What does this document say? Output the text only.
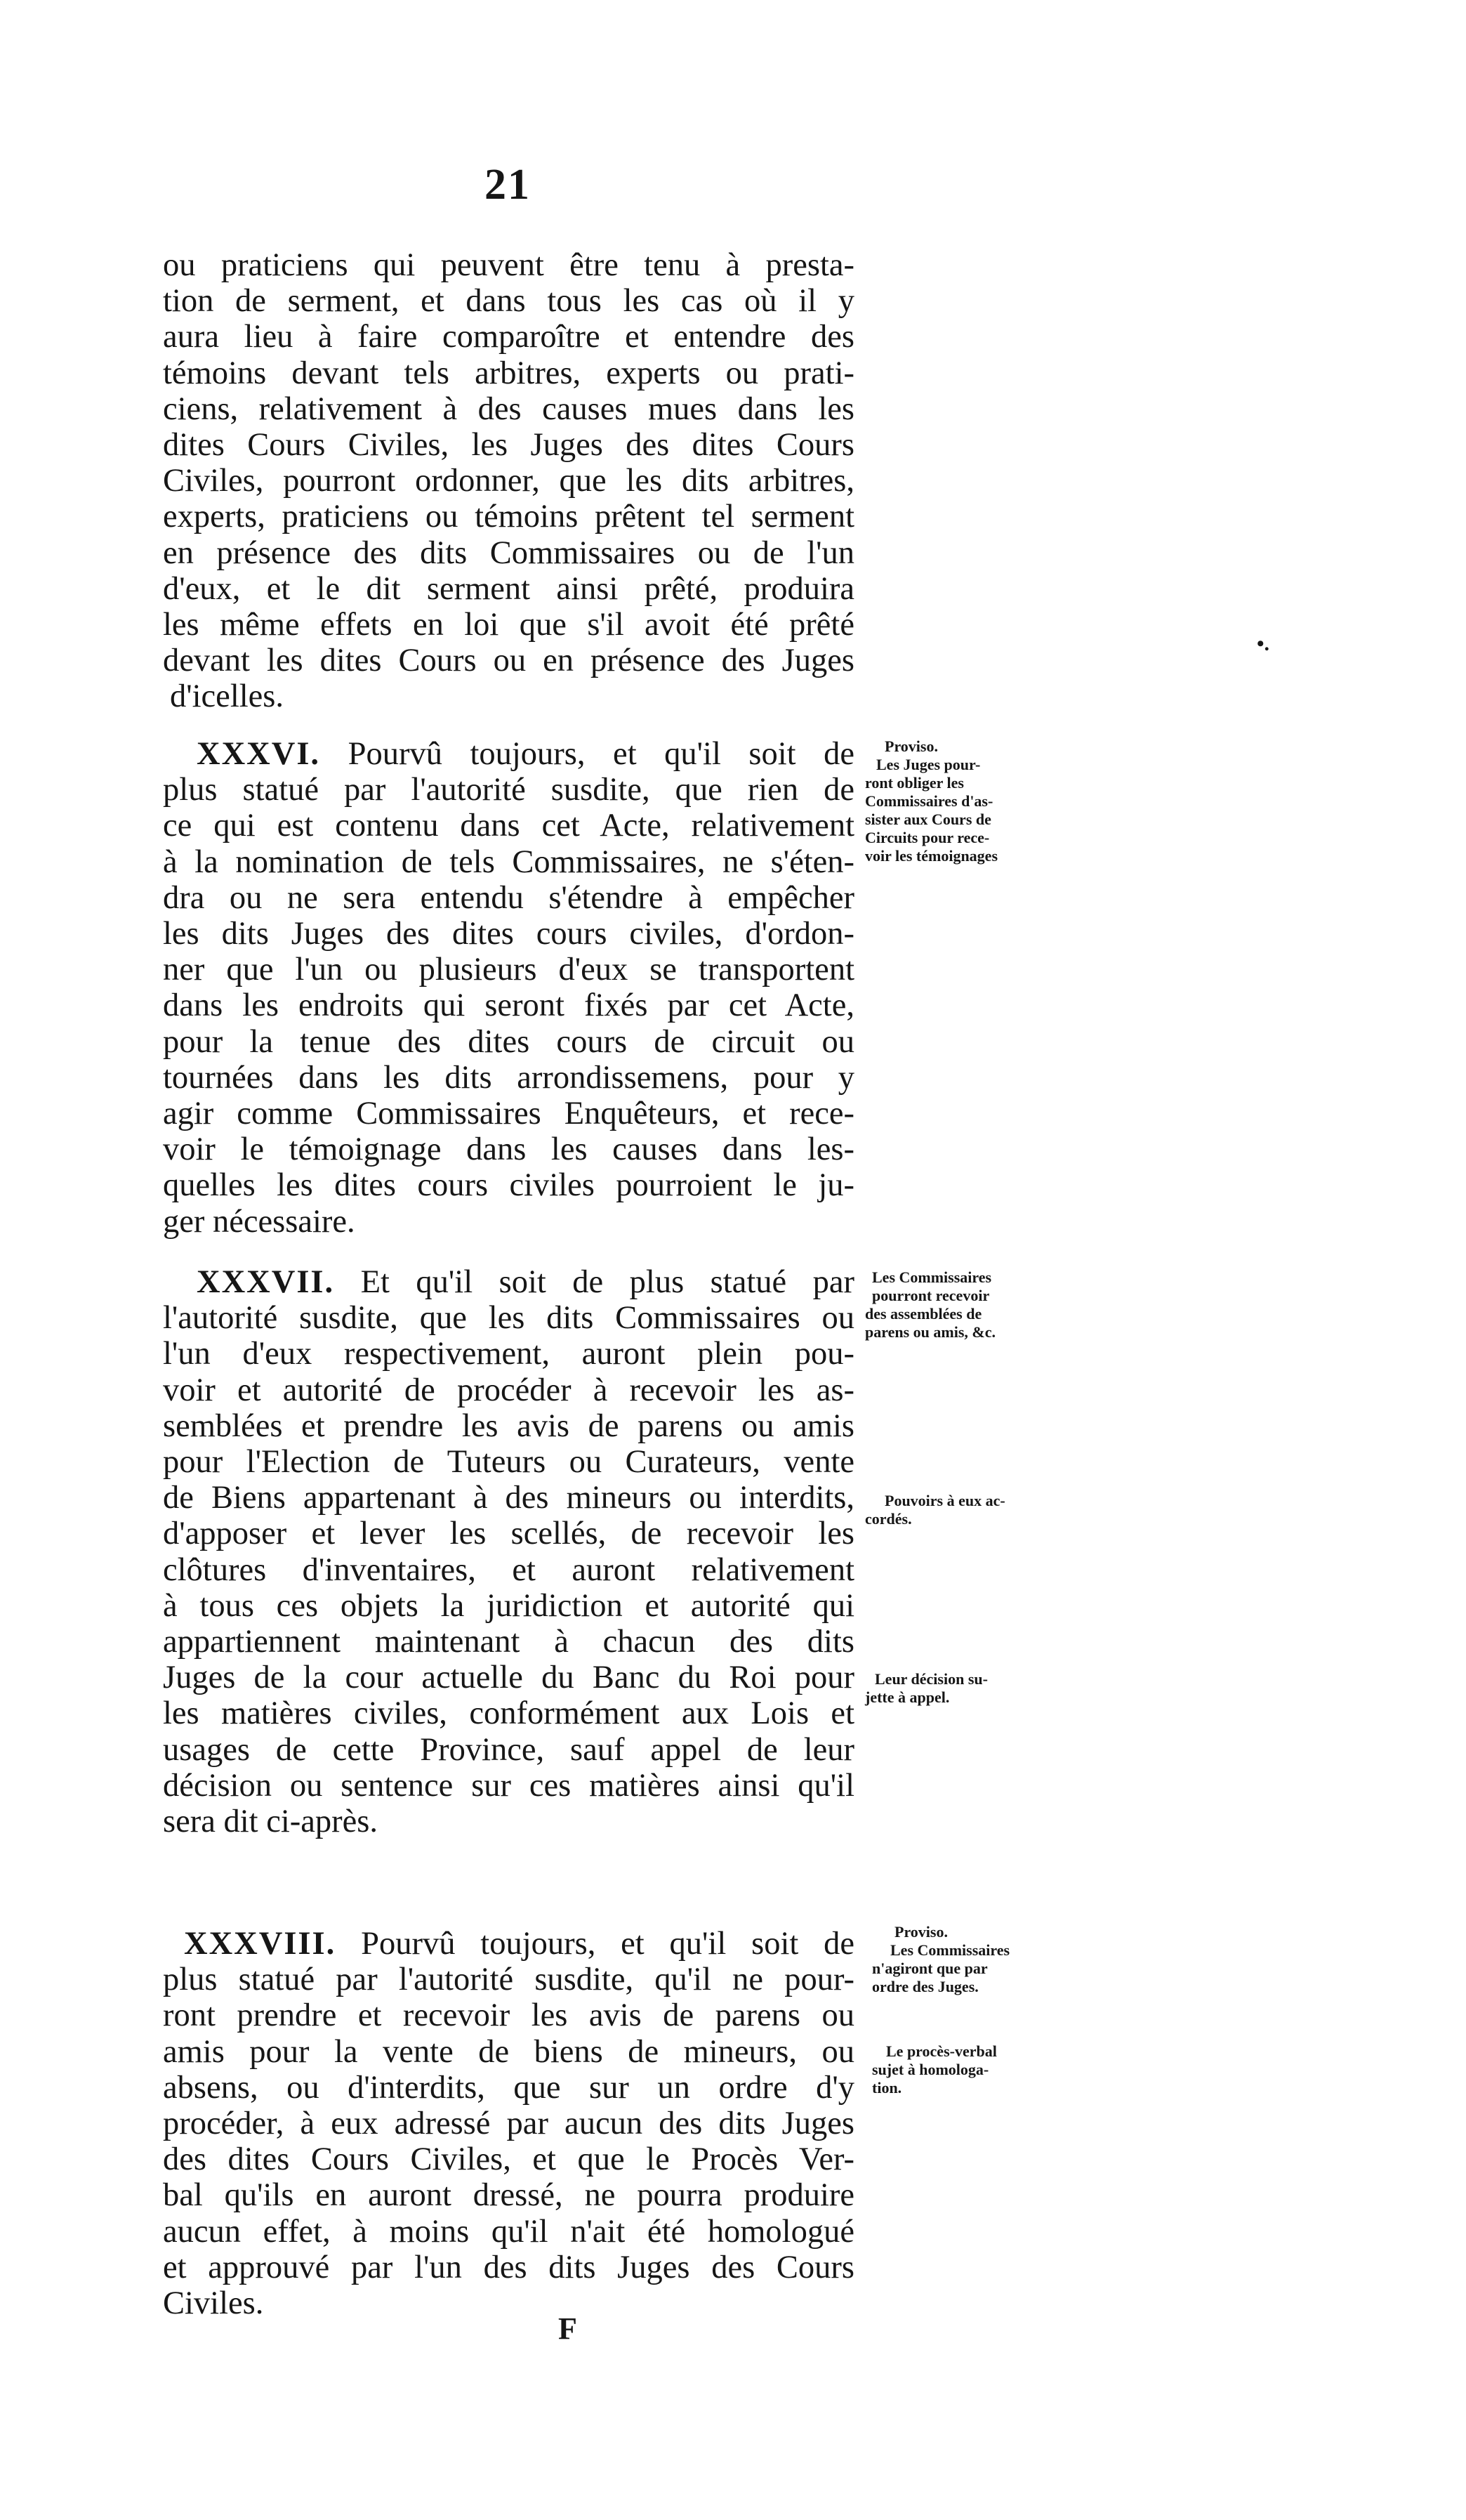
21
ou praticiens qui peuvent être tenu à presta-
tion de serment, et dans tous les cas où il y
aura lieu à faire comparoître et entendre des
témoins devant tels arbitres, experts ou prati-
ciens, relativement à des causes mues dans les
dites Cours Civiles, les Juges des dites Cours
Civiles, pourront ordonner, que les dits arbitres,
experts, praticiens ou témoins prêtent tel serment
en présence des dits Commissaires ou de l'un
d'eux, et le dit serment ainsi prêté, produira
les même effets en loi que s'il avoit été prêté
devant les dites Cours ou en présence des Juges
d'icelles.
XXXVI. Pourvû toujours, et qu'il soit de
plus statué par l'autorité susdite, que rien de
ce qui est contenu dans cet Acte, relativement
à la nomination de tels Commissaires, ne s'éten-
dra ou ne sera entendu s'étendre à empêcher
les dits Juges des dites cours civiles, d'ordon-
ner que l'un ou plusieurs d'eux se transportent
dans les endroits qui seront fixés par cet Acte,
pour la tenue des dites cours de circuit ou
tournées dans les dits arrondissemens, pour y
agir comme Commissaires Enquêteurs, et rece-
voir le témoignage dans les causes dans les-
quelles les dites cours civiles pourroient le ju-
ger nécessaire.
Proviso.
Les Juges pour-
ront obliger les
Commissaires d'as-
sister aux Cours de
Circuits pour rece-
voir les témoignages
XXXVII. Et qu'il soit de plus statué par
l'autorité susdite, que les dits Commissaires ou
l'un d'eux respectivement, auront plein pou-
voir et autorité de procéder à recevoir les as-
semblées et prendre les avis de parens ou amis
pour l'Election de Tuteurs ou Curateurs, vente
de Biens appartenant à des mineurs ou interdits,
d'apposer et lever les scellés, de recevoir les
clôtures d'inventaires, et auront relativement
à tous ces objets la juridiction et autorité qui
appartiennent maintenant à chacun des dits
Juges de la cour actuelle du Banc du Roi pour
les matières civiles, conformément aux Lois et
usages de cette Province, sauf appel de leur
décision ou sentence sur ces matières ainsi qu'il
sera dit ci-après.
Les Commissaires
pourront recevoir
des assemblées de
parens ou amis, &c.
Pouvoirs à eux ac-
cordés.
Leur décision su-
jette à appel.
XXXVIII. Pourvû toujours, et qu'il soit de
plus statué par l'autorité susdite, qu'il ne pour-
ront prendre et recevoir les avis de parens ou
amis pour la vente de biens de mineurs, ou
absens, ou d'interdits, que sur un ordre d'y
procéder, à eux adressé par aucun des dits Juges
des dites Cours Civiles, et que le Procès Ver-
bal qu'ils en auront dressé, ne pourra produire
aucun effet, à moins qu'il n'ait été homologué
et approuvé par l'un des dits Juges des Cours
Civiles.
Proviso.
Les Commissaires
n'agiront que par
ordre des Juges.
Le procès-verbal
sujet à homologa-
tion.
F
•.
